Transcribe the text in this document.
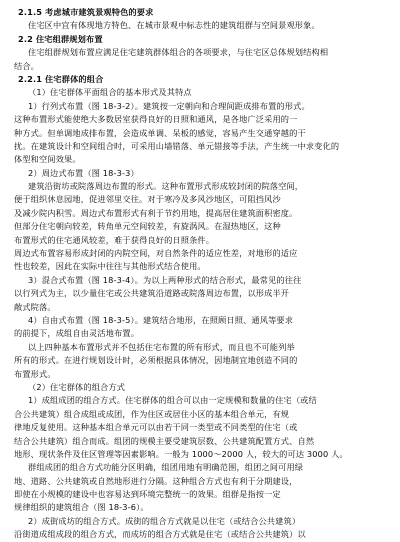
2.1.5 考虑城市建筑景观特色的要求
住宅区中宜有体现地方特色、在城市景观中标志性的建筑组群与空间景观形象。
2.2 住宅组群规划布置
住宅组群规划布置应满足住宅建筑群体组合的各项要求，与住宅区总体规划结构相
结合。
2.2.1 住宅群体的组合
（1）住宅群体平面组合的基本形式及其特点
1）行列式布置（图 18-3-2）。建筑按一定朝向和合理间距成排布置的形式。
这种布置形式能使绝大多数居室获得良好的日照和通风，是各地广泛采用的一
种方式。但单调地成排布置，会造成单调、呆板的感觉，容易产生交通穿越的干
扰。在建筑设计和空间组合时，可采用山墙错落、单元错接等手法，产生统一中求变化的
体型和空间效果。
2）周边式布置（图 18-3-3）
建筑沿街坊或院落周边布置的形式。这种布置形式形成较封闭的院落空间，
便于组织休息园地，促进邻里交往。对于寒冷及多风沙地区，可阻挡风沙
及减少院内积雪。周边式布置形式有利于节约用地，提高居住建筑面积密度。
但部分住宅朝向较差，转角单元空间较差，有旋涡风。在湿热地区，这种
布置形式的住宅通风较差，难于获得良好的日照条件。
周边式布置容易形成封闭的内院空间，对自然条件的适应性差，对地形的适应
性也较差，因此在实际中往往与其他形式结合使用。
3）混合式布置（图 18-3-4）。为以上两种形式的结合形式，最常见的往往
以行列式为主，以少量住宅或公共建筑沿道路或院落周边布置，以形成半开
敞式院落。
4）自由式布置（图 18-3-5）。建筑结合地形，在照顾日照、通风等要求
的前提下，成组自由灵活地布置。
以上四种基本布置形式并不包括住宅布置的所有形式，而且也不可能列举
所有的形式。在进行规划设计时，必须根据具体情况，因地制宜地创造不同的
布置形式。
（2）住宅群体的组合方式
1）成组成团的组合方式。住宅群体的组合可以由一定规模和数量的住宅（或结
合公共建筑）组合成组或成团，作为住区或居住小区的基本组合单元，有规
律地反复使用。这种基本组合单元可以由若干同一类型或不同类型的住宅（或
结合公共建筑）组合而成。组团的规模主要受建筑层数、公共建筑配置方式、自然
地形、现状条件及住区管理等因素影响。一般为 1000～2000 人，较大的可达 3000 人。
群组成团的组合方式功能分区明确，组团用地有明确范围，组团之间可用绿
地、道路、公共建筑或自然地形进行分隔。这种组合方式也有利于分期建设，
即使在小规模的建设中也容易达到环境完整统一的效果。组群是指按一定
规律组织的建筑组合（图 18-3-6）。
2）成街成坊的组合方式。成街的组合方式就是以住宅（或结合公共建筑）
沿街道成组成段的组合方式，而成坊的组合方式就是住宅（或结合公共建筑）以
